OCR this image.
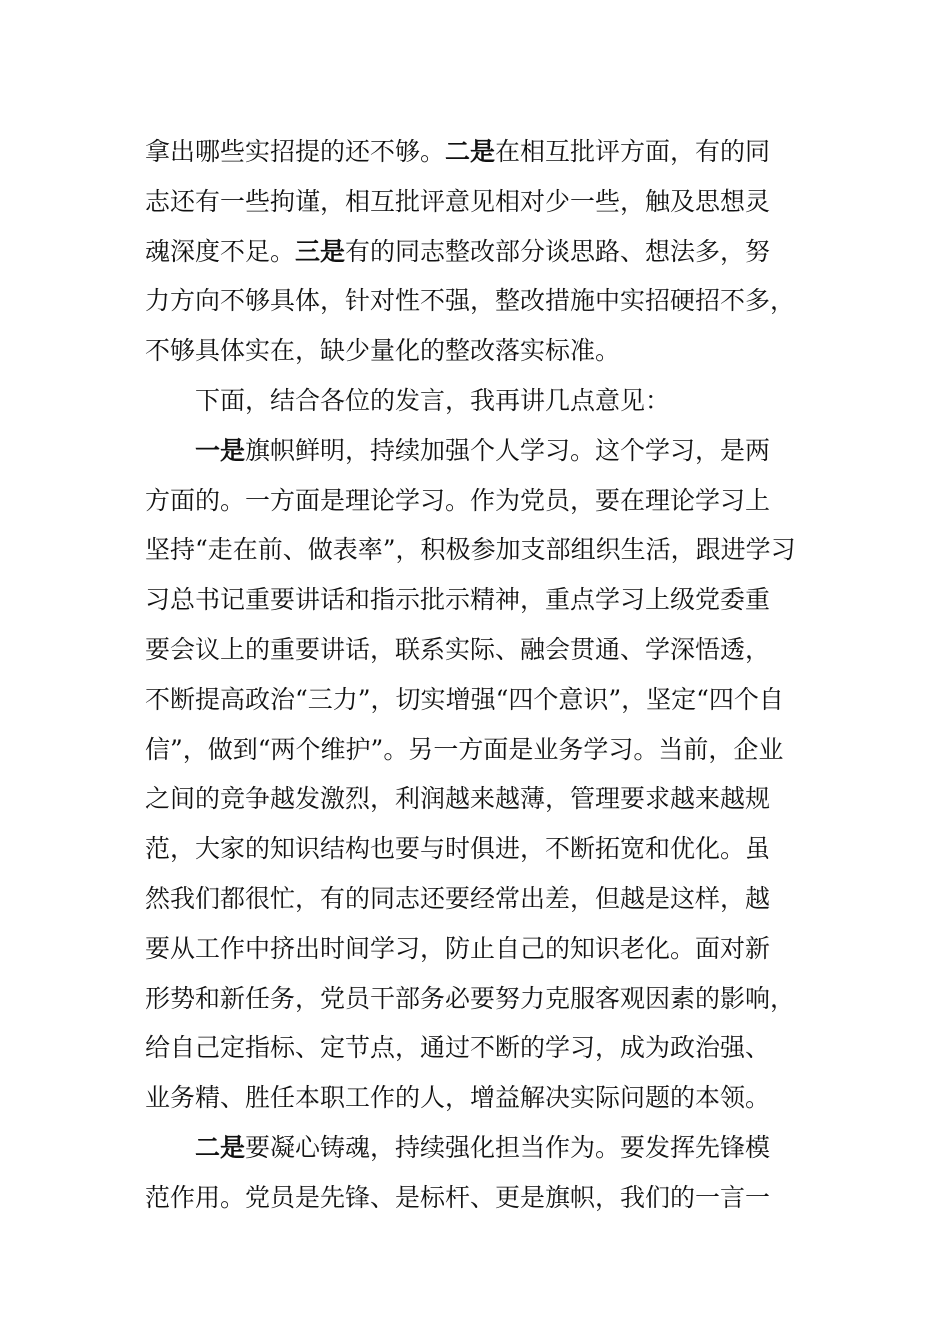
拿出哪些实招提的还不够。二是在相互批评方面，有的同
志还有一些拘谨，相互批评意见相对少一些，触及思想灵
魂深度不足。三是有的同志整改部分谈思路、想法多，努
力方向不够具体，针对性不强，整改措施中实招硬招不多，
不够具体实在，缺少量化的整改落实标准。
下面，结合各位的发言，我再讲几点意见：
一是旗帜鲜明，持续加强个人学习。这个学习，是两
方面的。一方面是理论学习。作为党员，要在理论学习上
坚持“走在前、做表率”，积极参加支部组织生活，跟进学习
习总书记重要讲话和指示批示精神，重点学习上级党委重
要会议上的重要讲话，联系实际、融会贯通、学深悟透，
不断提高政治“三力”，切实增强“四个意识”，坚定“四个自
信”，做到“两个维护”。另一方面是业务学习。当前，企业
之间的竞争越发激烈，利润越来越薄，管理要求越来越规
范，大家的知识结构也要与时俱进，不断拓宽和优化。虽
然我们都很忙，有的同志还要经常出差，但越是这样，越
要从工作中挤出时间学习，防止自己的知识老化。面对新
形势和新任务，党员干部务必要努力克服客观因素的影响，
给自己定指标、定节点，通过不断的学习，成为政治强、
业务精、胜任本职工作的人，增益解决实际问题的本领。
二是要凝心铸魂，持续强化担当作为。要发挥先锋模
范作用。党员是先锋、是标杆、更是旗帜，我们的一言一
